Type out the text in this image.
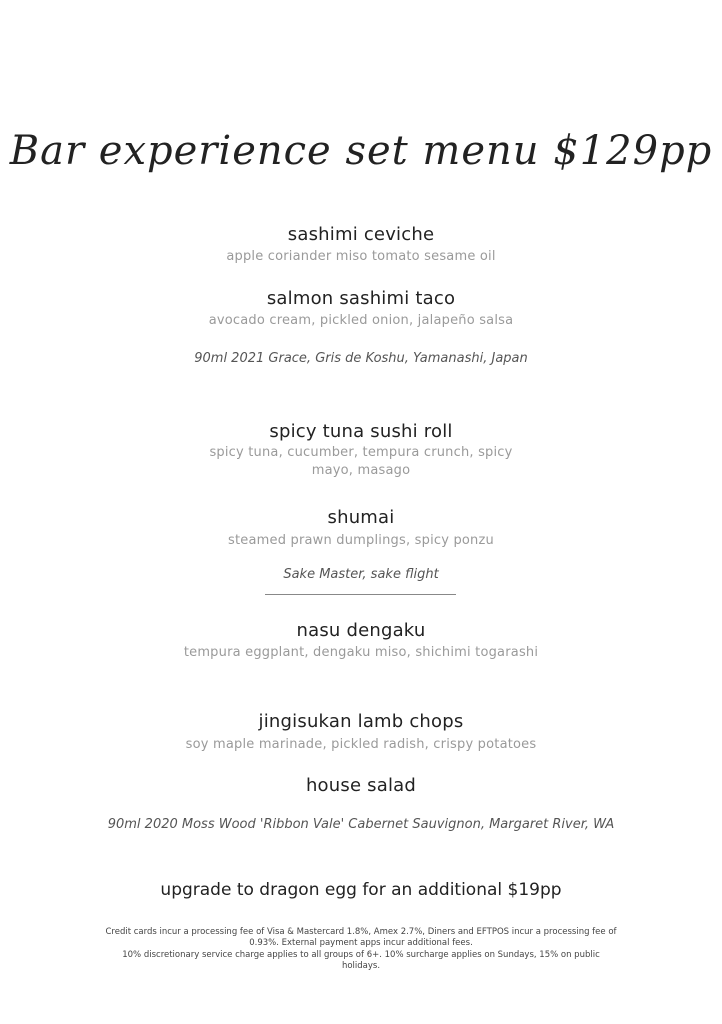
Bar experience set menu $129pp
sashimi ceviche
apple coriander miso tomato sesame oil
salmon sashimi taco
avocado cream, pickled onion, jalapeño salsa
90ml 2021 Grace, Gris de Koshu, Yamanashi, Japan
spicy tuna sushi roll
spicy tuna, cucumber, tempura crunch, spicy
mayo, masago
shumai
steamed prawn dumplings, spicy ponzu
Sake Master, sake flight
nasu dengaku
tempura eggplant, dengaku miso, shichimi togarashi
jingisukan lamb chops
soy maple marinade, pickled radish, crispy potatoes
house salad
90ml 2020 Moss Wood 'Ribbon Vale' Cabernet Sauvignon, Margaret River, WA
upgrade to dragon egg for an additional $19pp
Credit cards incur a processing fee of Visa & Mastercard 1.8%, Amex 2.7%, Diners and EFTPOS incur a processing fee of
0.93%. External payment apps incur additional fees.
10% discretionary service charge applies to all groups of 6+. 10% surcharge applies on Sundays, 15% on public
holidays.
